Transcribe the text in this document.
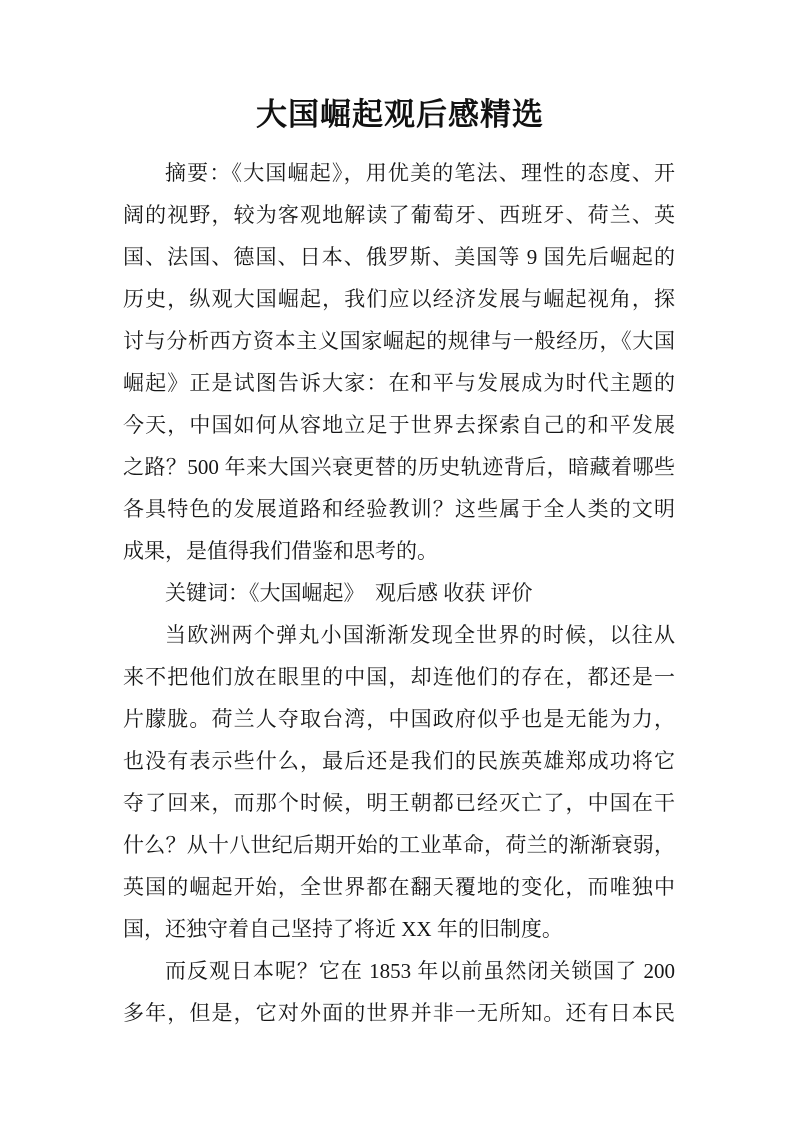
大国崛起观后感精选
摘要：《大国崛起》，用优美的笔法、理性的态度、开
阔的视野，较为客观地解读了葡萄牙、西班牙、荷兰、英
国、法国、德国、日本、俄罗斯、美国等 9 国先后崛起的
历史，纵观大国崛起，我们应以经济发展与崛起视角，探
讨与分析西方资本主义国家崛起的规律与一般经历，《大国
崛起》正是试图告诉大家：在和平与发展成为时代主题的
今天，中国如何从容地立足于世界去探索自己的和平发展
之路？500 年来大国兴衰更替的历史轨迹背后，暗藏着哪些
各具特色的发展道路和经验教训？这些属于全人类的文明
成果，是值得我们借鉴和思考的。
关键词：《大国崛起》　观后感 收获 评价
当欧洲两个弹丸小国渐渐发现全世界的时候，以往从
来不把他们放在眼里的中国，却连他们的存在，都还是一
片朦胧。荷兰人夺取台湾，中国政府似乎也是无能为力，
也没有表示些什么，最后还是我们的民族英雄郑成功将它
夺了回来，而那个时候，明王朝都已经灭亡了，中国在干
什么？从十八世纪后期开始的工业革命，荷兰的渐渐衰弱，
英国的崛起开始，全世界都在翻天覆地的变化，而唯独中
国，还独守着自己坚持了将近 XX 年的旧制度。
而反观日本呢？它在 1853 年以前虽然闭关锁国了 200
多年，但是，它对外面的世界并非一无所知。还有日本民
